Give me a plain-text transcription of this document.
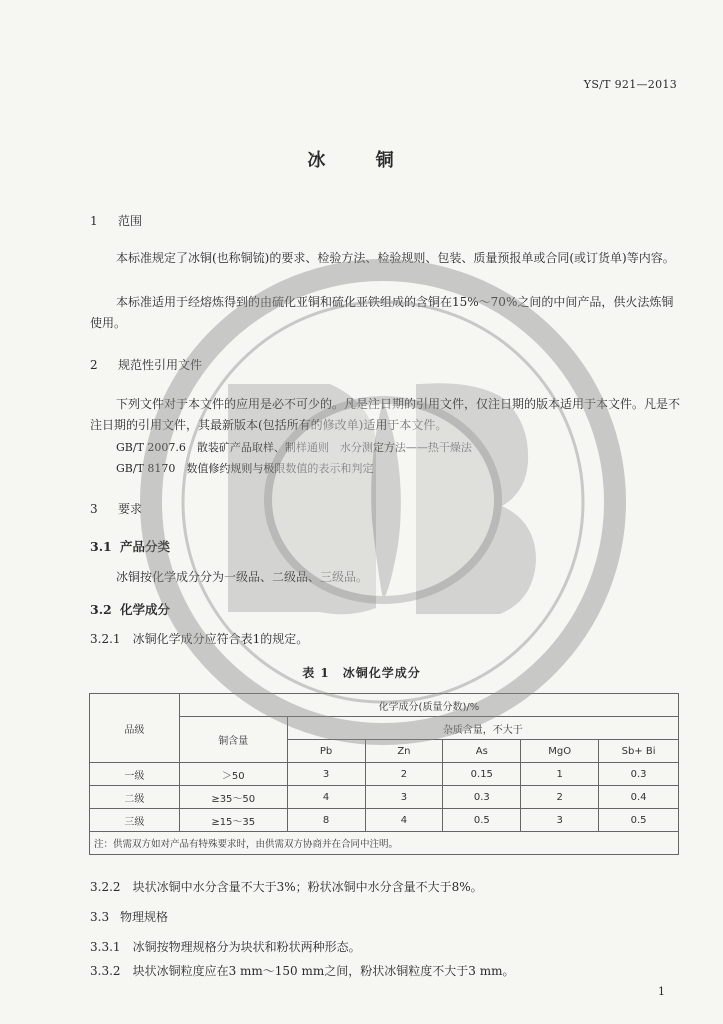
YS/T 921—2013
冰 铜
1 范围
本标准规定了冰铜(也称铜锍)的要求、检验方法、检验规则、包装、质量预报单或合同(或订货单)等内容。
本标准适用于经熔炼得到的由硫化亚铜和硫化亚铁组成的含铜在15%～70%之间的中间产品，供火法炼铜使用。
2 规范性引用文件
下列文件对于本文件的应用是必不可少的。凡是注日期的引用文件，仅注日期的版本适用于本文件。凡是不注日期的引用文件，其最新版本(包括所有的修改单)适用于本文件。
GB/T 2007.6　散装矿产品取样、制样通则　水分测定方法——热干燥法
GB/T 8170　数值修约规则与极限数值的表示和判定
3 要求
3.1 产品分类
冰铜按化学成分分为一级品、二级品、三级品。
3.2 化学成分
3.2.1　 冰铜化学成分应符合表1的规定。
表 1　冰铜化学成分
品级	化学成分(质量分数)/%					
	铜含量	杂质含量，不大于				
		Pb	Zn	As	MgO	Sb+ Bi
一级	＞50	3	2	0.15	1	0.3
二级	≥35～50	4	3	0.3	2	0.4
三级	≥15～35	8	4	0.5	3	0.5
注：供需双方如对产品有特殊要求时，由供需双方协商并在合同中注明。						
3.2.2　 块状冰铜中水分含量不大于3%；粉状冰铜中水分含量不大于8%。
3.3 物理规格
3.3.1　 冰铜按物理规格分为块状和粉状两种形态。
3.3.2　 块状冰铜粒度应在3 mm～150 mm之间，粉状冰铜粒度不大于3 mm。
1
